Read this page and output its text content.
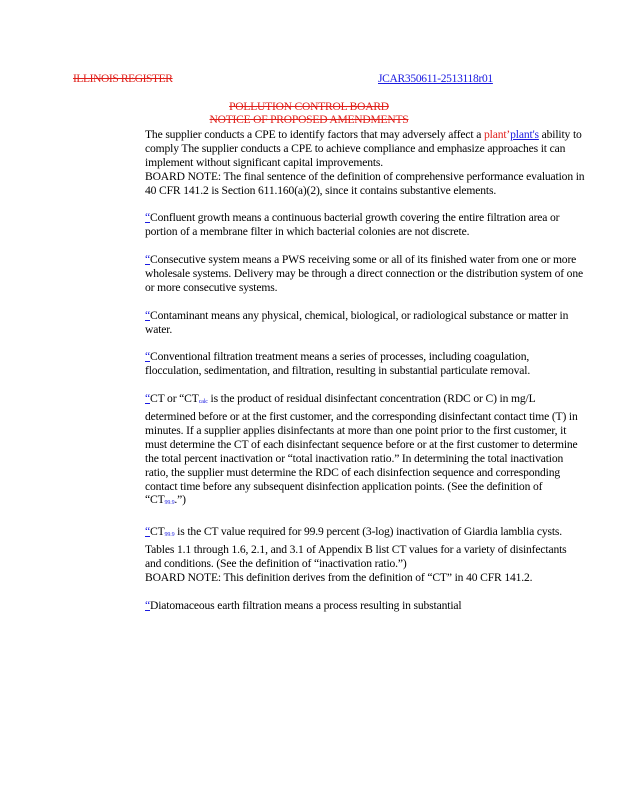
ILLINOIS REGISTER	JCAR350611-2513118r01
POLLUTION CONTROL BOARD
NOTICE OF PROPOSED AMENDMENTS

The supplier conducts a CPE to identify factors that may adversely affect a plant’plant's ability to comply The supplier conducts a CPE to achieve compliance and emphasize approaches it can implement without significant capital improvements.
BOARD NOTE: The final sentence of the definition of comprehensive performance evaluation in 40 CFR 141.2 is Section 611.160(a)(2), since it contains substantive elements.

“Confluent growth means a continuous bacterial growth covering the entire filtration area or portion of a membrane filter in which bacterial colonies are not discrete.

“Consecutive system means a PWS receiving some or all of its finished water from one or more wholesale systems. Delivery may be through a direct connection or the distribution system of one or more consecutive systems.

“Contaminant means any physical, chemical, biological, or radiological substance or matter in water.

“Conventional filtration treatment means a series of processes, including coagulation, flocculation, sedimentation, and filtration, resulting in substantial particulate removal.

“CT or “CTcalc is the product of residual disinfectant concentration (RDC or C) in mg/L determined before or at the first customer, and the corresponding disinfectant contact time (T) in minutes. If a supplier applies disinfectants at more than one point prior to the first customer, it must determine the CT of each disinfectant sequence before or at the first customer to determine the total percent inactivation or “total inactivation ratio.” In determining the total inactivation ratio, the supplier must determine the RDC of each disinfection sequence and corresponding contact time before any subsequent disinfection application points. (See the definition of “CT99.9.”)

“CT99.9 is the CT value required for 99.9 percent (3-log) inactivation of Giardia lamblia cysts. Tables 1.1 through 1.6, 2.1, and 3.1 of Appendix B list CT values for a variety of disinfectants and conditions. (See the definition of “inactivation ratio.”)
BOARD NOTE: This definition derives from the definition of “CT” in 40 CFR 141.2.

“Diatomaceous earth filtration means a process resulting in substantial
